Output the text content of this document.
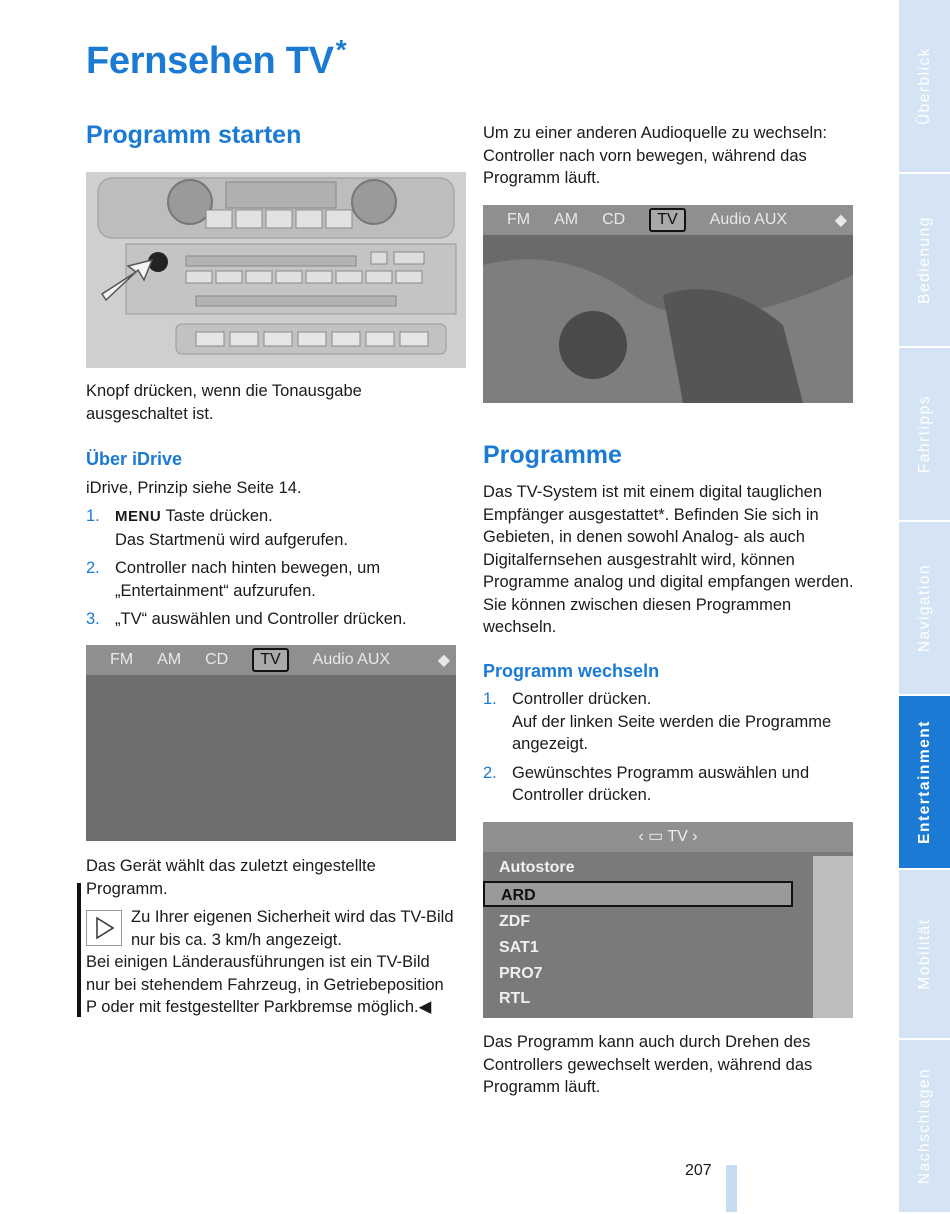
Fernsehen TV*
Programm starten
Knopf drücken, wenn die Tonausgabe ausgeschaltet ist.
Über iDrive
iDrive, Prinzip siehe Seite 14.
1. MENU Taste drücken.
Das Startmenü wird aufgerufen.
2. Controller nach hinten bewegen, um „Entertainment“ aufzurufen.
3. „TV“ auswählen und Controller drücken.
FM AM CD	TV	Audio AUX	◆
Das Gerät wählt das zuletzt eingestellte Programm.
Zu Ihrer eigenen Sicherheit wird das TV-Bild nur bis ca. 3 km/h angezeigt.
Bei einigen Länderausführungen ist ein TV-Bild nur bei stehendem Fahrzeug, in Getriebeposition P oder mit festgestellter Parkbremse möglich.◀
Um zu einer anderen Audioquelle zu wechseln: Controller nach vorn bewegen, während das Programm läuft.
FM AM CD	TV	Audio AUX	◆
Programme
Das TV-System ist mit einem digital tauglichen Empfänger ausgestattet*. Befinden Sie sich in Gebieten, in denen sowohl Analog- als auch Digitalfernsehen ausgestrahlt wird, können Programme analog und digital empfangen werden. Sie können zwischen diesen Programmen wechseln.
Programm wechseln
1. Controller drücken.
Auf der linken Seite werden die Programme angezeigt.
2. Gewünschtes Programm auswählen und Controller drücken.
‹ ▭ TV ›
Autostore
ARD
ZDF
SAT1
PRO7
RTL
Das Programm kann auch durch Drehen des Controllers gewechselt werden, während das Programm läuft.
207
Überblick
Bedienung
Fahrtipps
Navigation
Entertainment
Mobilität
Nachschlagen
